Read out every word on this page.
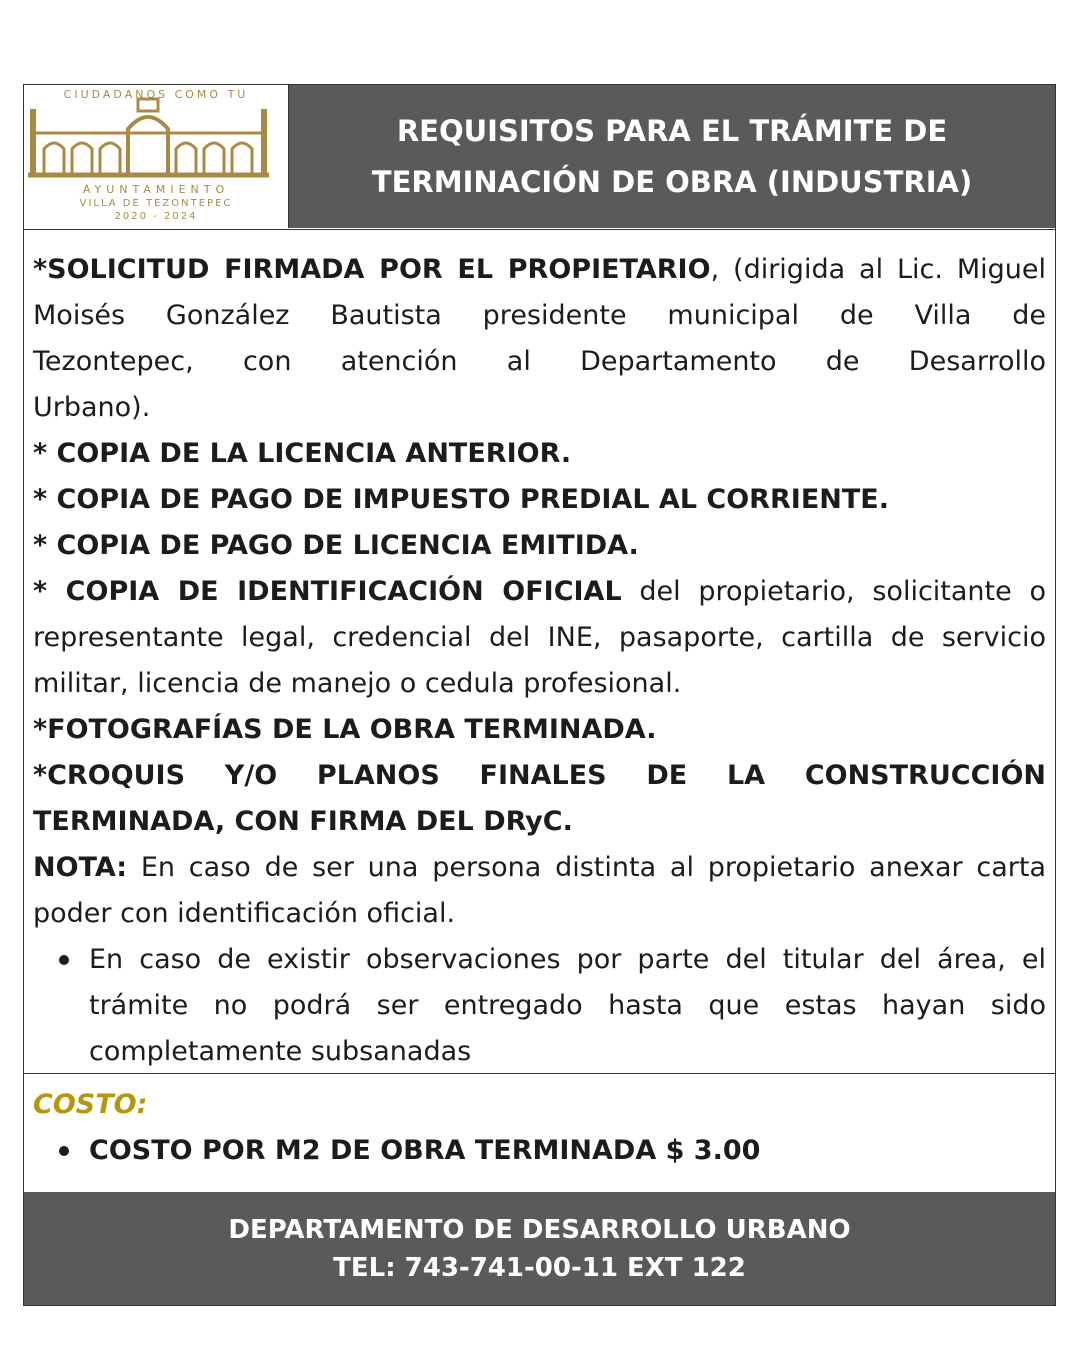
CIUDADANOS COMO TU
AYUNTAMIENTO
VILLA DE TEZONTEPEC
2020 - 2024
REQUISITOS PARA EL TRÁMITE DE
TERMINACIÓN DE OBRA (INDUSTRIA)

*SOLICITUD FIRMADA POR EL PROPIETARIO, (dirigida al Lic. Miguel Moisés González Bautista presidente municipal de Villa de

Tezontepec, con atención al Departamento de Desarrollo

Urbano).

* COPIA DE LA LICENCIA ANTERIOR.

* COPIA DE PAGO DE IMPUESTO PREDIAL AL CORRIENTE.

* COPIA DE PAGO DE LICENCIA EMITIDA.

* COPIA DE IDENTIFICACIÓN OFICIAL del propietario, solicitante o representante legal, credencial del INE, pasaporte, cartilla de servicio militar, licencia de manejo o cedula profesional.

*FOTOGRAFÍAS DE LA OBRA TERMINADA.

*CROQUIS Y/O PLANOS FINALES DE LA CONSTRUCCIÓN

TERMINADA, CON FIRMA DEL DRyC.

NOTA: En caso de ser una persona distinta al propietario anexar carta poder con identificación oficial.

En caso de existir observaciones por parte del titular del área, el trámite no podrá ser entregado hasta que estas hayan sido completamente subsanadas
COSTO:
COSTO POR M2 DE OBRA TERMINADA $ 3.00
DEPARTAMENTO DE DESARROLLO URBANO
TEL: 743-741-00-11 EXT 122
